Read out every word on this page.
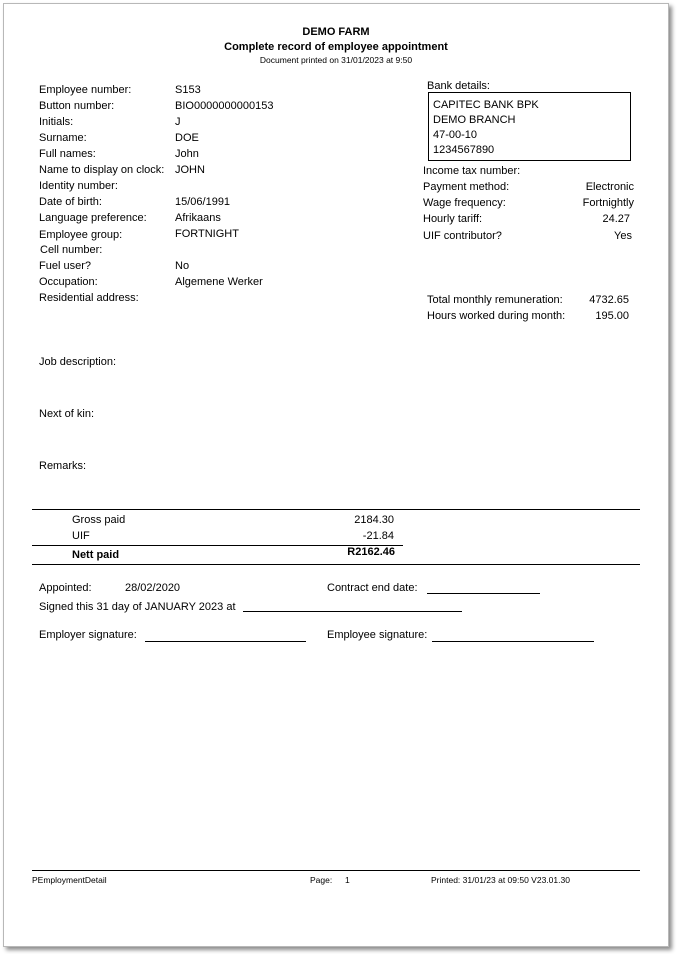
DEMO FARM
Complete record of employee appointment
Document printed on 31/01/2023 at 9:50
Employee number:	S153
Button number:	BIO0000000000153
Initials:	J
Surname:	DOE
Full names:	John
Name to display on clock: JOHN
Identity number:
Date of birth:	15/06/1991
Language preference:	Afrikaans
Employee group:	FORTNIGHT
Cell number:
Fuel user?	No
Occupation:	Algemene Werker
Residential address:
Bank details:
CAPITEC BANK BPK
DEMO BRANCH
47-00-10
1234567890
Income tax number:
Payment method:	Electronic
Wage frequency:	Fortnightly
Hourly tariff:	24.27
UIF contributor?	Yes
Total monthly remuneration:	4732.65
Hours worked during month:	195.00
Job description:
Next of kin:
Remarks:
Gross paid	2184.30
UIF	-21.84
Nett paid	R2162.46
Appointed:	28/02/2020	Contract end date:
Signed this 31 day of JANUARY 2023 at
Employer signature:	Employee signature:
PEmploymentDetail	Page: 1	Printed: 31/01/23 at 09:50 V23.01.30
